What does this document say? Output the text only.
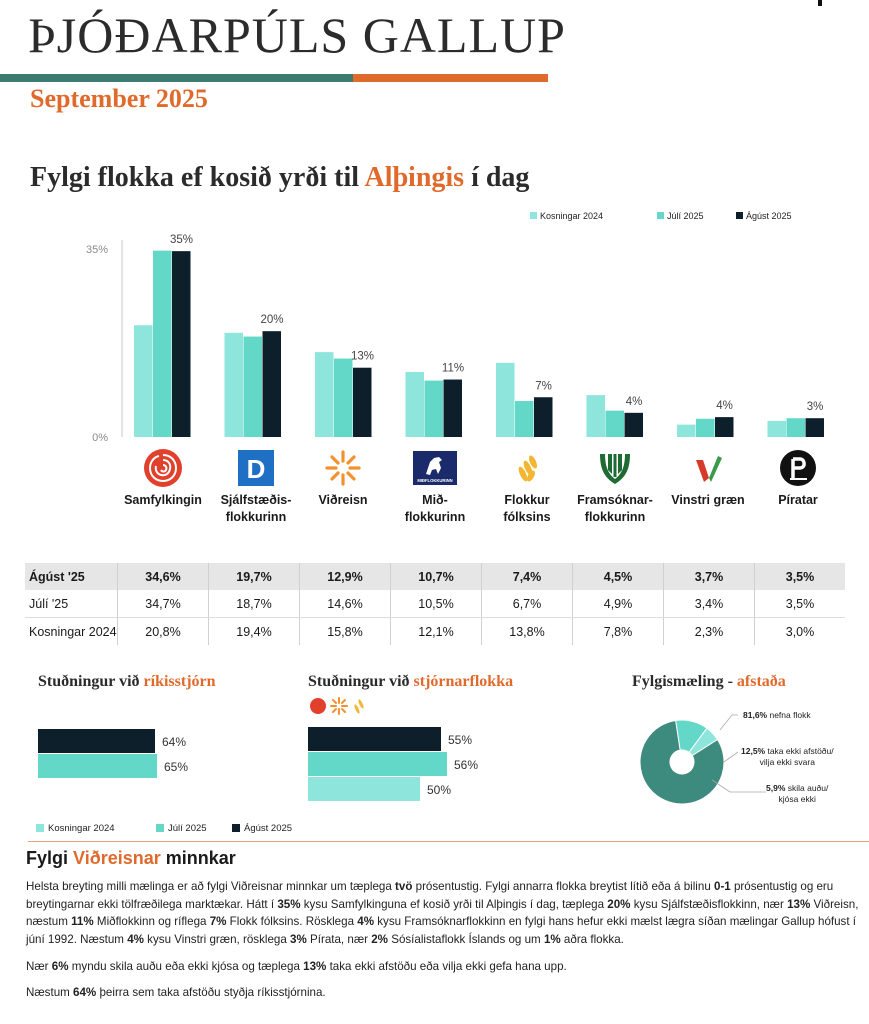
ÞJÓÐARPÚLS GALLUP
September 2025
Fylgi flokka ef kosið yrði til Alþingis í dag
0%
35%
35%
20%
13%
11%
7%
4%	4%	3%
Kosningar 2024	Júlí 2025	Ágúst 2025
D	MIÐFLOKKURINN
Samfylkingin	Sjálfstæðis-
flokkurinn
Viðreisn	Mið-
flokkurinn
Flokkur
fólksins
Framsóknar-
flokkurinn
Vinstri græn	Píratar
Ágúst '25	34,6%	19,7%	12,9%	10,7%	7,4%	4,5%	3,7%	3,5%
Júlí '25	34,7%	18,7%	14,6%	10,5%	6,7%	4,9%	3,4%	3,5%
Kosningar 2024	20,8%	19,4%	15,8%	12,1%	13,8%	7,8%	2,3%	3,0%
Stuðningur við ríkisstjórn
64%
65%
Stuðningur við stjórnarflokka
55%
56%
50%
Kosningar 2024	Júlí 2025	Ágúst 2025
Fylgismæling - afstaða
81,6% nefna flokk
12,5% taka ekki afstöðu/
vilja ekki svara
5,9% skila auðu/
kjósa ekki
Fylgi Viðreisnar minnkar

Helsta breyting milli mælinga er að fylgi Viðreisnar minnkar um tæplega tvö prósentustig. Fylgi annarra flokka breytist lítið eða á bilinu 0-1 prósentustig og eru breytingarnar ekki tölfræðilega marktækar. Hátt í 35% kysu Samfylkinguna ef kosið yrði til Alþingis í dag, tæplega 20% kysu Sjálfstæðisflokkinn, nær 13% Viðreisn, næstum 11% Miðflokkinn og ríflega 7% Flokk fólksins. Rösklega 4% kysu Framsóknarflokkinn en fylgi hans hefur ekki mælst lægra síðan mælingar Gallup hófust í júní 1992. Næstum 4% kysu Vinstri græn, rösklega 3% Pírata, nær 2% Sósíalistaflokk Íslands og um 1% aðra flokka.

Nær 6% myndu skila auðu eða ekki kjósa og tæplega 13% taka ekki afstöðu eða vilja ekki gefa hana upp.

Næstum 64% þeirra sem taka afstöðu styðja ríkisstjórnina.
